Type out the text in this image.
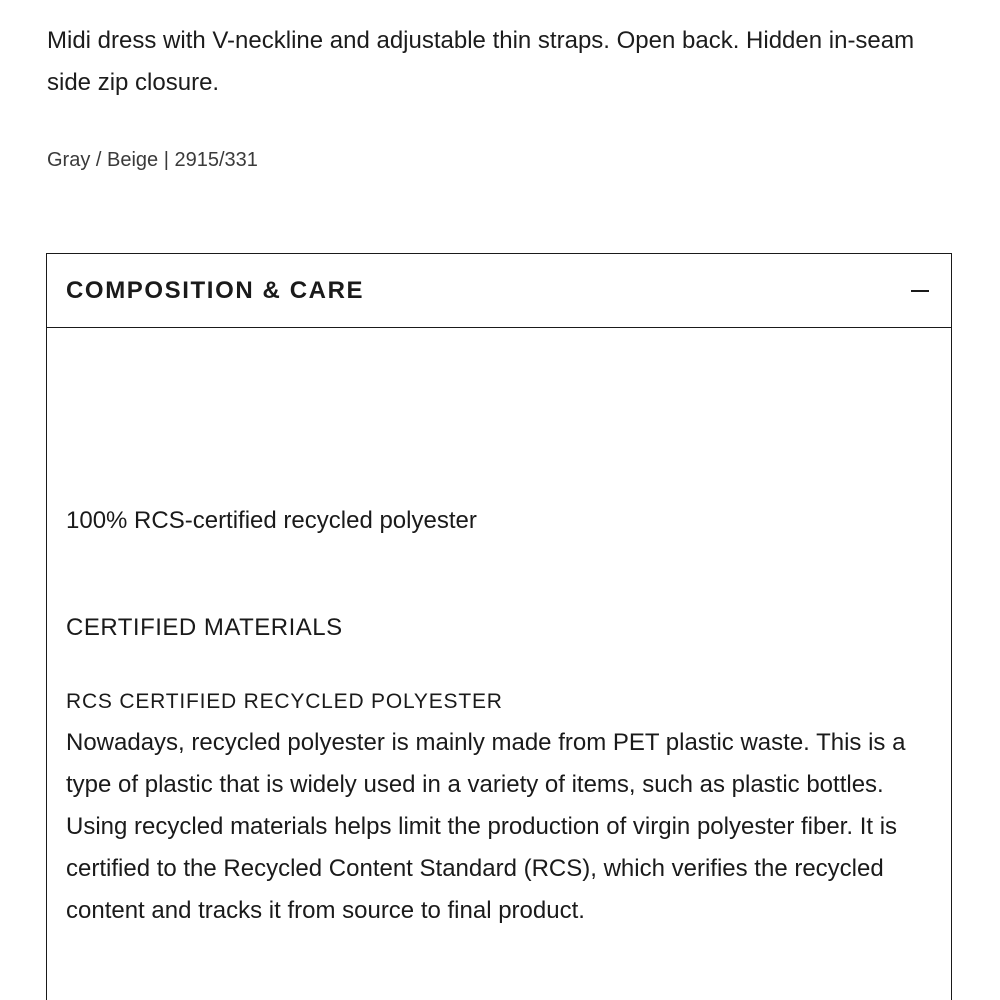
Midi dress with V-neckline and adjustable thin straps. Open back. Hidden in-seam side zip closure.

Gray / Beige | 2915/331

COMPOSITION & CARE

100% RCS-certified recycled polyester

CERTIFIED MATERIALS

RCS CERTIFIED RECYCLED POLYESTER

Nowadays, recycled polyester is mainly made from PET plastic waste. This is a type of plastic that is widely used in a variety of items, such as plastic bottles. Using recycled materials helps limit the production of virgin polyester fiber. It is certified to the Recycled Content Standard (RCS), which verifies the recycled content and tracks it from source to final product.
